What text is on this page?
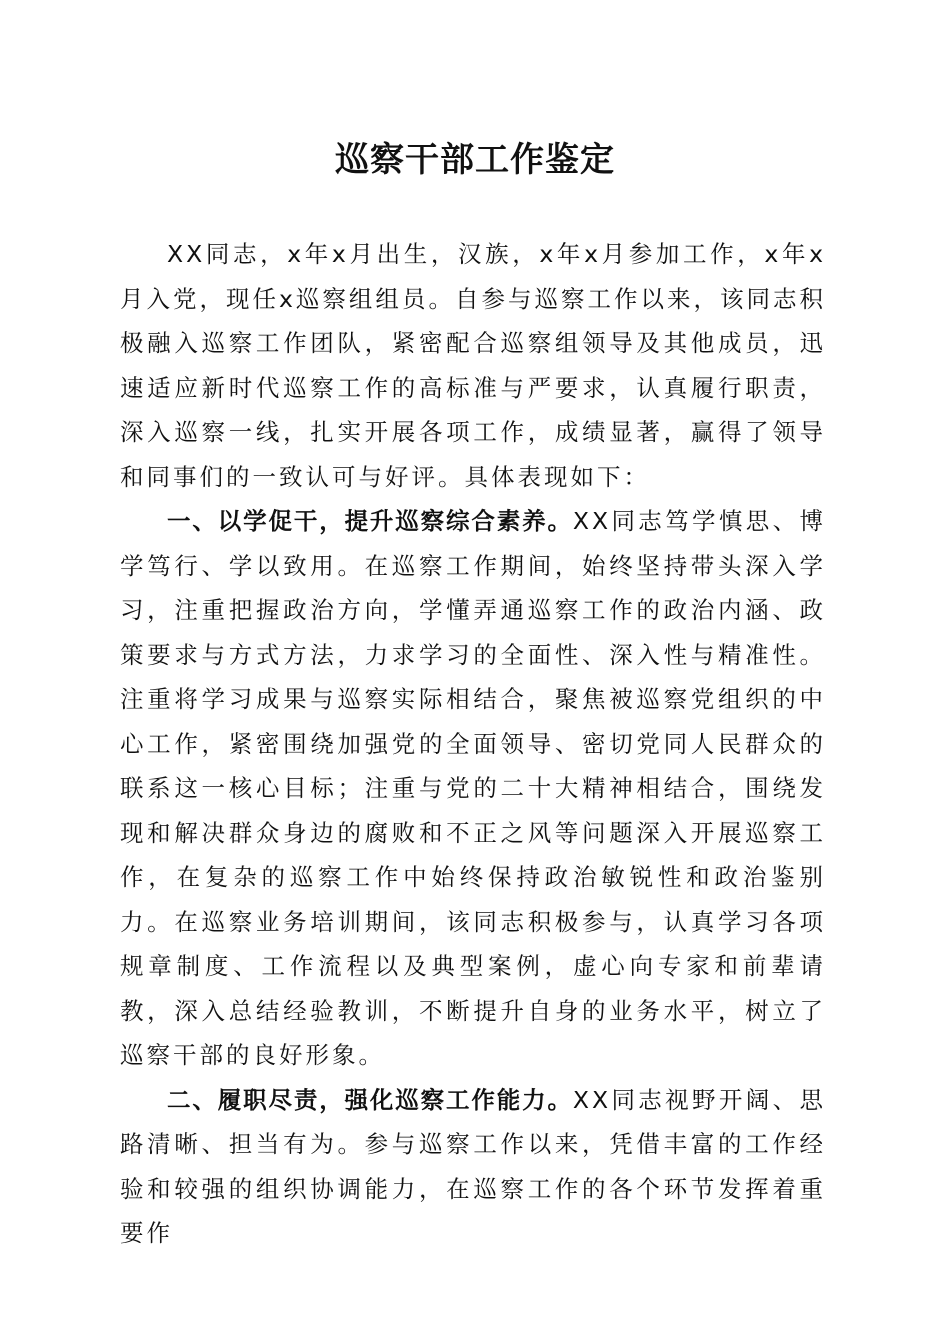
巡察干部工作鉴定

XX同志，x年x月出生，汉族，x年x月参加工作，x年x月入党，现任x巡察组组员。自参与巡察工作以来，该同志积极融入巡察工作团队，紧密配合巡察组领导及其他成员，迅速适应新时代巡察工作的高标准与严要求，认真履行职责，深入巡察一线，扎实开展各项工作，成绩显著，赢得了领导和同事们的一致认可与好评。具体表现如下：

一、以学促干，提升巡察综合素养。XX同志笃学慎思、博学笃行、学以致用。在巡察工作期间，始终坚持带头深入学习，注重把握政治方向，学懂弄通巡察工作的政治内涵、政策要求与方式方法，力求学习的全面性、深入性与精准性。注重将学习成果与巡察实际相结合，聚焦被巡察党组织的中心工作，紧密围绕加强党的全面领导、密切党同人民群众的联系这一核心目标；注重与党的二十大精神相结合，围绕发现和解决群众身边的腐败和不正之风等问题深入开展巡察工作，在复杂的巡察工作中始终保持政治敏锐性和政治鉴别力。在巡察业务培训期间，该同志积极参与，认真学习各项规章制度、工作流程以及典型案例，虚心向专家和前辈请教，深入总结经验教训，不断提升自身的业务水平，树立了巡察干部的良好形象。

二、履职尽责，强化巡察工作能力。XX同志视野开阔、思路清晰、担当有为。参与巡察工作以来，凭借丰富的工作经验和较强的组织协调能力，在巡察工作的各个环节发挥着重要作
